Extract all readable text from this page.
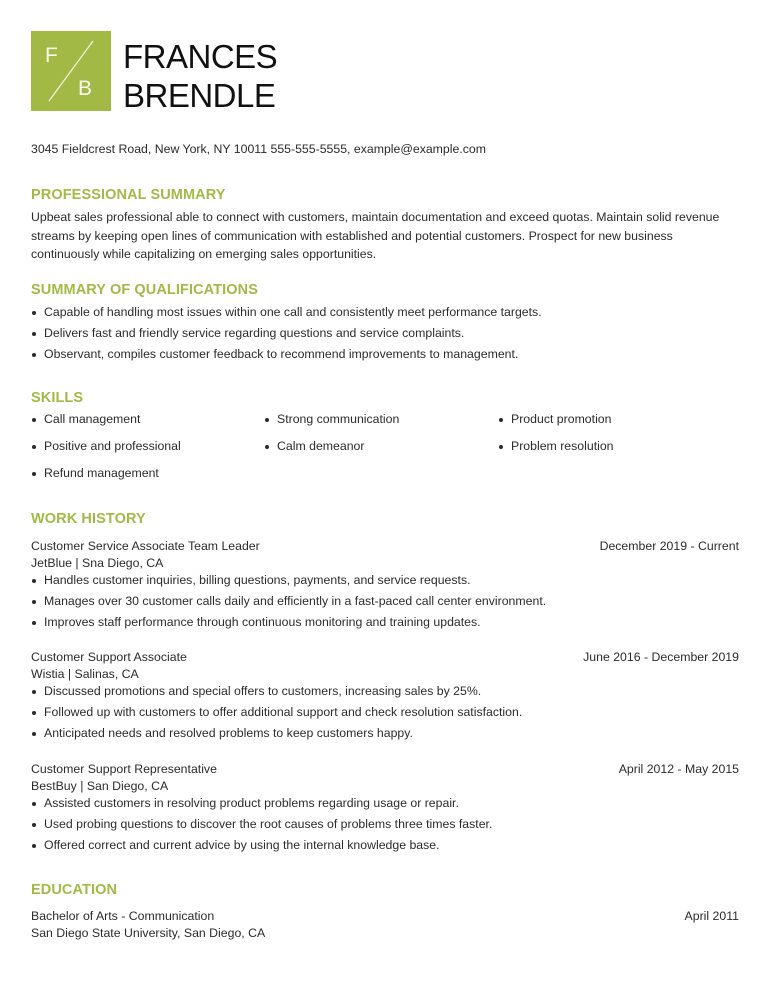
F
B
FRANCES
BRENDLE
3045 Fieldcrest Road, New York, NY 10011 555-555-5555, example@example.com
PROFESSIONAL SUMMARY
Upbeat sales professional able to connect with customers, maintain documentation and exceed quotas. Maintain solid revenue streams by keeping open lines of communication with established and potential customers. Prospect for new business continuously while capitalizing on emerging sales opportunities.
SUMMARY OF QUALIFICATIONS
Capable of handling most issues within one call and consistently meet performance targets.
Delivers fast and friendly service regarding questions and service complaints.
Observant, compiles customer feedback to recommend improvements to management.
SKILLS
Call management	Strong communication	Product promotion
Positive and professional	Calm demeanor	Problem resolution
Refund management
WORK HISTORY
Customer Service Associate Team Leader	December 2019 - Current
JetBlue | Sna Diego, CA
Handles customer inquiries, billing questions, payments, and service requests.
Manages over 30 customer calls daily and efficiently in a fast-paced call center environment.
Improves staff performance through continuous monitoring and training updates.
Customer Support Associate	June 2016 - December 2019
Wistia | Salinas, CA
Discussed promotions and special offers to customers, increasing sales by 25%.
Followed up with customers to offer additional support and check resolution satisfaction.
Anticipated needs and resolved problems to keep customers happy.
Customer Support Representative	April 2012 - May 2015
BestBuy | San Diego, CA
Assisted customers in resolving product problems regarding usage or repair.
Used probing questions to discover the root causes of problems three times faster.
Offered correct and current advice by using the internal knowledge base.
EDUCATION
Bachelor of Arts - Communication	April 2011
San Diego State University, San Diego, CA
